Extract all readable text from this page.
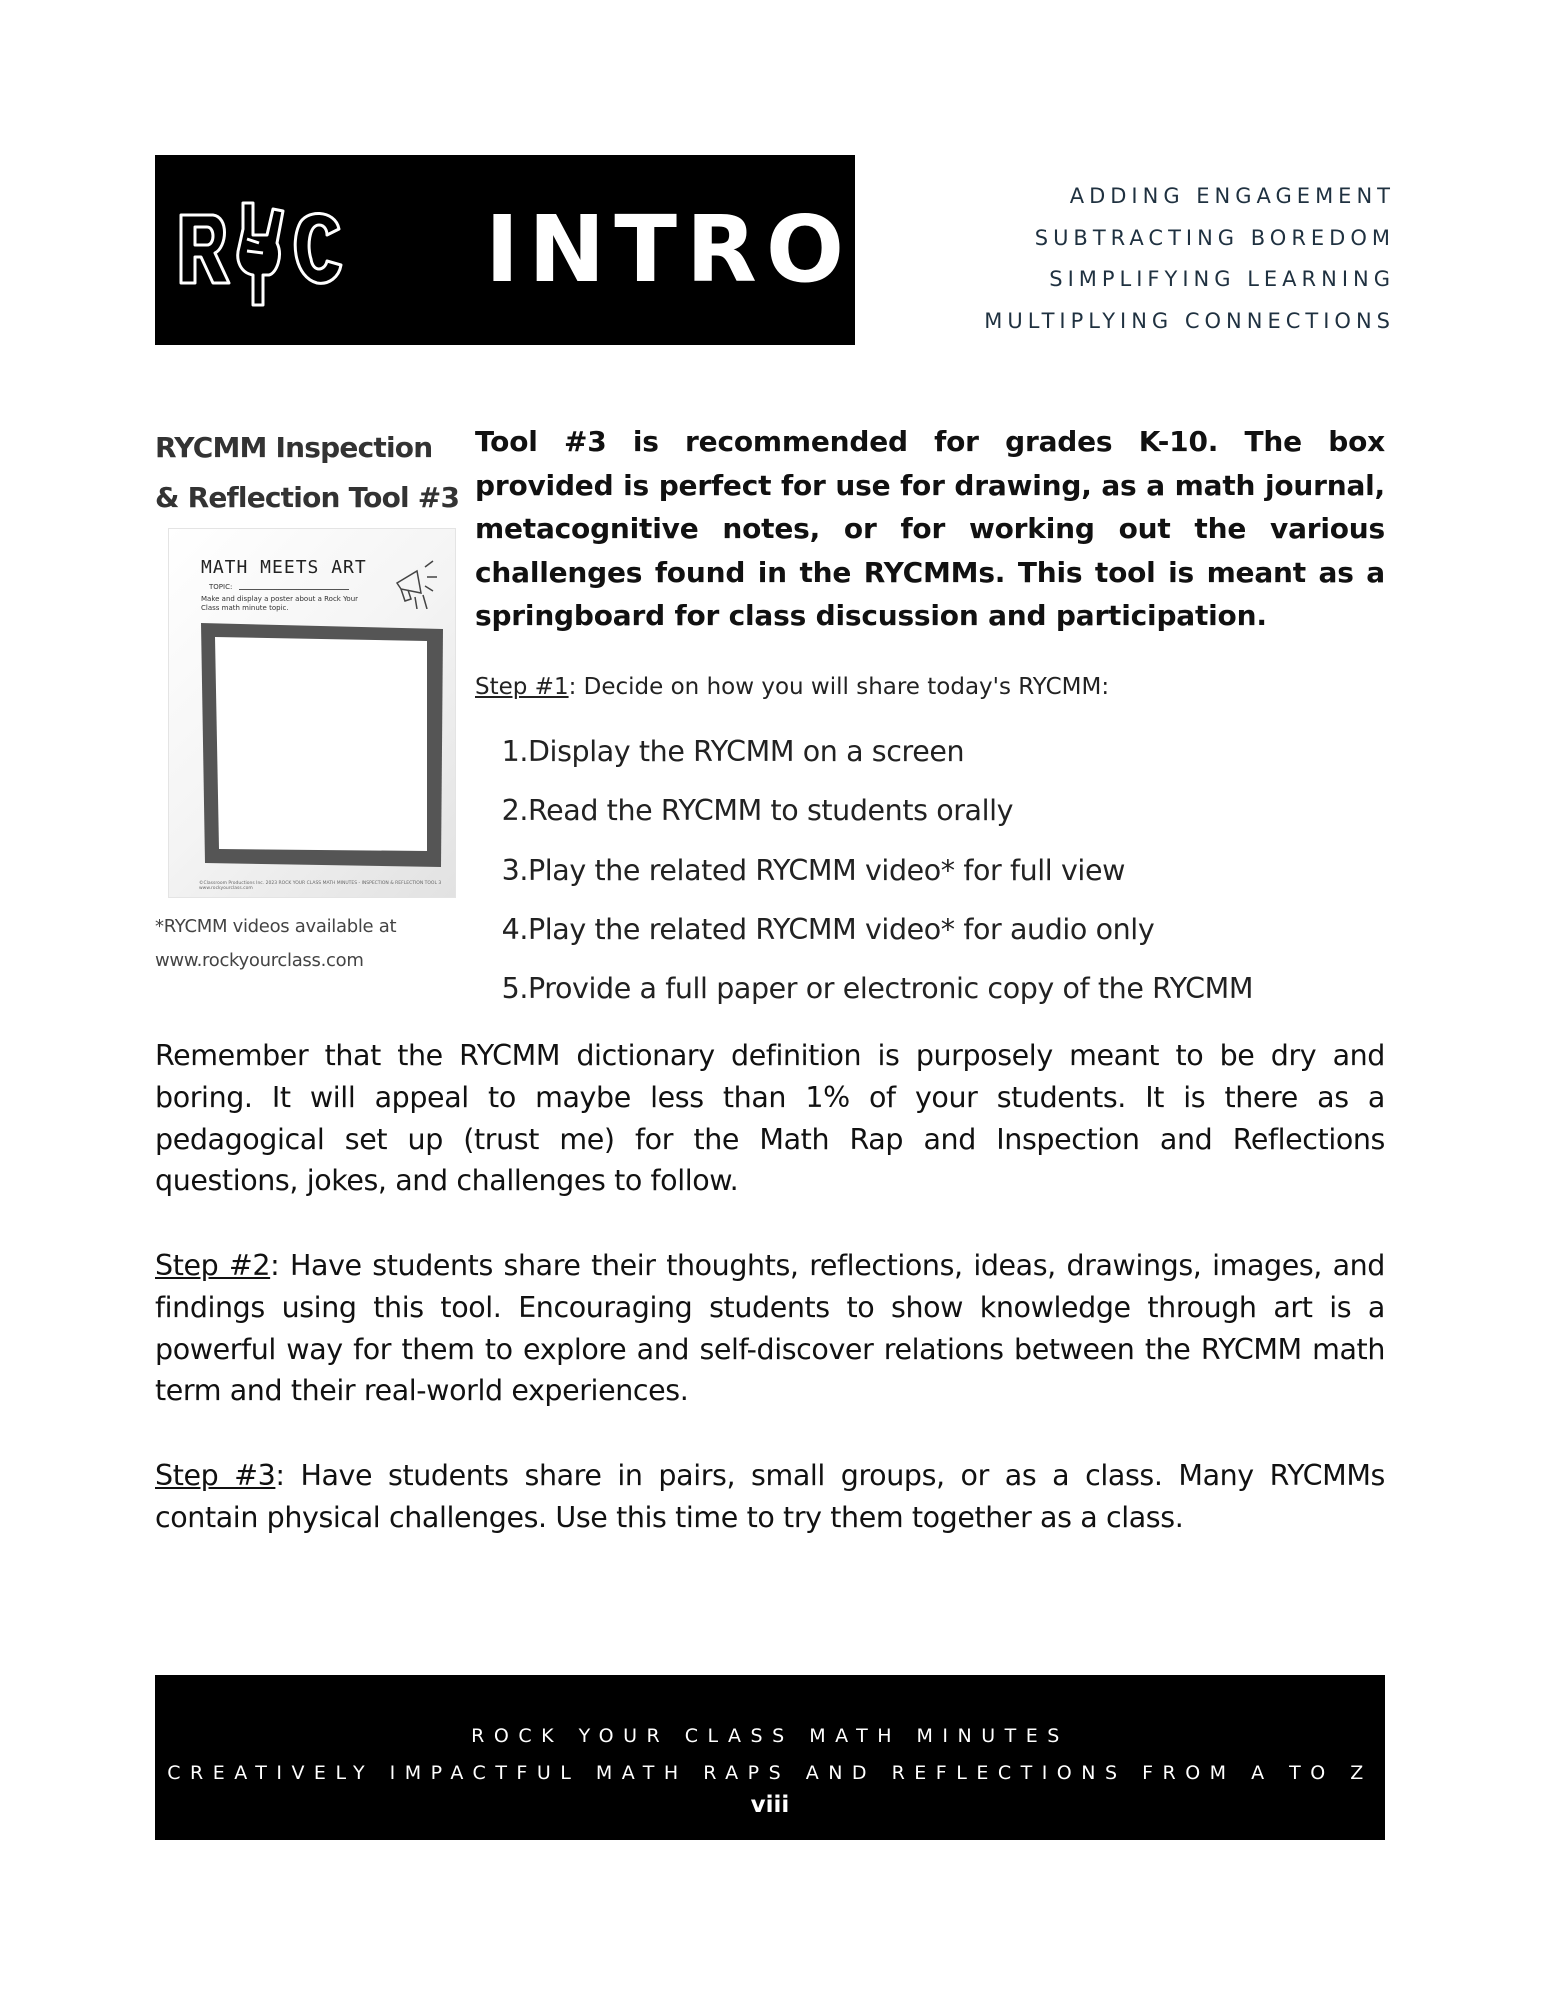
INTRO	ADDING ENGAGEMENT
SUBTRACTING BOREDOM
SIMPLIFYING LEARNING
MULTIPLYING CONNECTIONS
RYCMM Inspection
& Reflection Tool #3
MATH MEETS ART
TOPIC:
Make and display a poster about a Rock Your Class math minute topic.
©Classroom Productions Inc. 2023 ROCK YOUR CLASS MATH MINUTES - INSPECTION & REFLECTION TOOL 3 www.rockyourclass.com
*RYCMM videos available at
www.rockyourclass.com
Tool #3 is recommended for grades K-10. The box provided is perfect for use for drawing, as a math journal, metacognitive notes, or for working out the various challenges found in the RYCMMs. This tool is meant as a springboard for class discussion and participation.
Step #1: Decide on how you will share today's RYCMM:
1.Display the RYCMM on a screen
2.Read the RYCMM to students orally
3.Play the related RYCMM video* for full view
4.Play the related RYCMM video* for audio only
5.Provide a full paper or electronic copy of the RYCMM
Remember that the RYCMM dictionary definition is purposely meant to be dry and boring. It will appeal to maybe less than 1% of your students. It is there as a pedagogical set up (trust me) for the Math Rap and Inspection and Reflections questions, jokes, and challenges to follow.
Step #2: Have students share their thoughts, reflections, ideas, drawings, images, and findings using this tool. Encouraging students to show knowledge through art is a powerful way for them to explore and self-discover relations between the RYCMM math term and their real-world experiences.
Step #3: Have students share in pairs, small groups, or as a class. Many RYCMMs contain physical challenges. Use this time to try them together as a class.
ROCK YOUR CLASS MATH MINUTES
CREATIVELY IMPACTFUL MATH RAPS AND REFLECTIONS FROM A TO Z
viii
